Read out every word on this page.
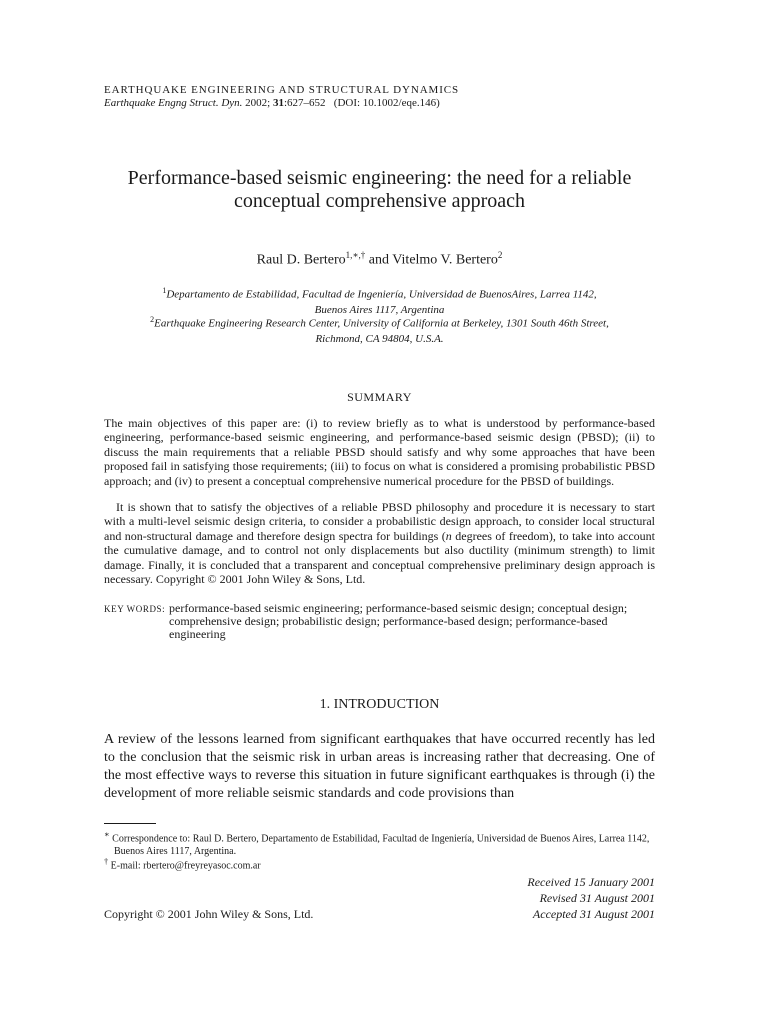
EARTHQUAKE ENGINEERING AND STRUCTURAL DYNAMICS
Earthquake Engng Struct. Dyn. 2002; 31:627–652 (DOI: 10.1002/eqe.146)
Performance-based seismic engineering: the need for a reliable
conceptual comprehensive approach
Raul D. Bertero$^{1,∗,\dagger}$ and Vitelmo V. Bertero$^2$
$^1$Departamento de Estabilidad, Facultad de Ingeniería, Universidad de BuenosAires, Larrea 1142,
Buenos Aires 1117, Argentina
$^2$Earthquake Engineering Research Center, University of California at Berkeley, 1301 South 46th Street,
Richmond, CA 94804, U.S.A.
SUMMARY

The main objectives of this paper are: (i) to review briefly as to what is understood by performance-based engineering, performance-based seismic engineering, and performance-based seismic design (PBSD); (ii) to discuss the main requirements that a reliable PBSD should satisfy and why some approaches that have been proposed fail in satisfying those requirements; (iii) to focus on what is considered a promising probabilistic PBSD approach; and (iv) to present a conceptual comprehensive numerical procedure for the PBSD of buildings.

It is shown that to satisfy the objectives of a reliable PBSD philosophy and procedure it is necessary to start with a multi-level seismic design criteria, to consider a probabilistic design approach, to consider local structural and non-structural damage and therefore design spectra for buildings (n degrees of freedom), to take into account the cumulative damage, and to control not only displacements but also ductility (minimum strength) to limit damage. Finally, it is concluded that a transparent and conceptual comprehensive preliminary design approach is necessary. Copyright © 2001 John Wiley & Sons, Ltd.

KEY WORDS: performance-based seismic engineering; performance-based seismic design; conceptual design; comprehensive design; probabilistic design; performance-based design; performance-based engineering
1. INTRODUCTION

A review of the lessons learned from significant earthquakes that have occurred recently has led to the conclusion that the seismic risk in urban areas is increasing rather that decreasing. One of the most effective ways to reverse this situation in future significant earthquakes is through (i) the development of more reliable seismic standards and code provisions than

∗ Correspondence to: Raul D. Bertero, Departamento de Estabilidad, Facultad de Ingeniería, Universidad de Buenos Aires, Larrea 1142, Buenos Aires 1117, Argentina.
† E-mail: rbertero@freyreyasoc.com.ar
Received 15 January 2001
Revised 31 August 2001
Accepted 31 August 2001
Copyright © 2001 John Wiley & Sons, Ltd.
